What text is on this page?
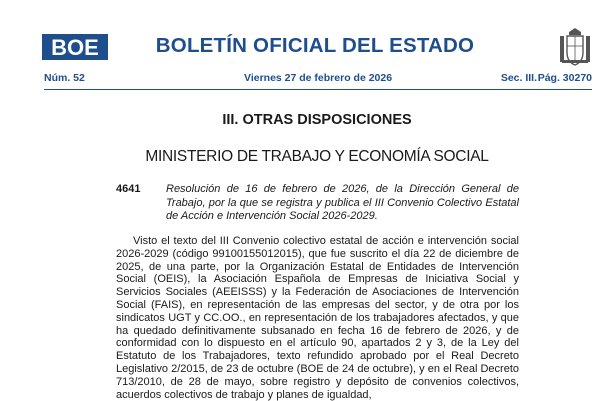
BOE	BOLETÍN OFICIAL DEL ESTADO
Núm. 52	Viernes 27 de febrero de 2026	Sec. III. Pág. 30270
III. OTRAS DISPOSICIONES
MINISTERIO DE TRABAJO Y ECONOMÍA SOCIAL
4641 Resolución de 16 de febrero de 2026, de la Dirección General de Trabajo, por la que se registra y publica el III Convenio Colectivo Estatal de Acción e Intervención Social 2026-2029.

Visto el texto del III Convenio colectivo estatal de acción e intervención social 2026-2029 (código 99100155012015), que fue suscrito el día 22 de diciembre de 2025, de una parte, por la Organización Estatal de Entidades de Intervención Social (OEIS), la Asociación Española de Empresas de Iniciativa Social y Servicios Sociales (AEEISSS) y la Federación de Asociaciones de Intervención Social (FAIS), en representación de las empresas del sector, y de otra por los sindicatos UGT y CC.OO., en representación de los trabajadores afectados, y que ha quedado definitivamente subsanado en fecha 16 de febrero de 2026, y de conformidad con lo dispuesto en el artículo 90, apartados 2 y 3, de la Ley del Estatuto de los Trabajadores, texto refundido aprobado por el Real Decreto Legislativo 2/2015, de 23 de octubre (BOE de 24 de octubre), y en el Real Decreto 713/2010, de 28 de mayo, sobre registro y depósito de convenios colectivos, acuerdos colectivos de trabajo y planes de igualdad,
